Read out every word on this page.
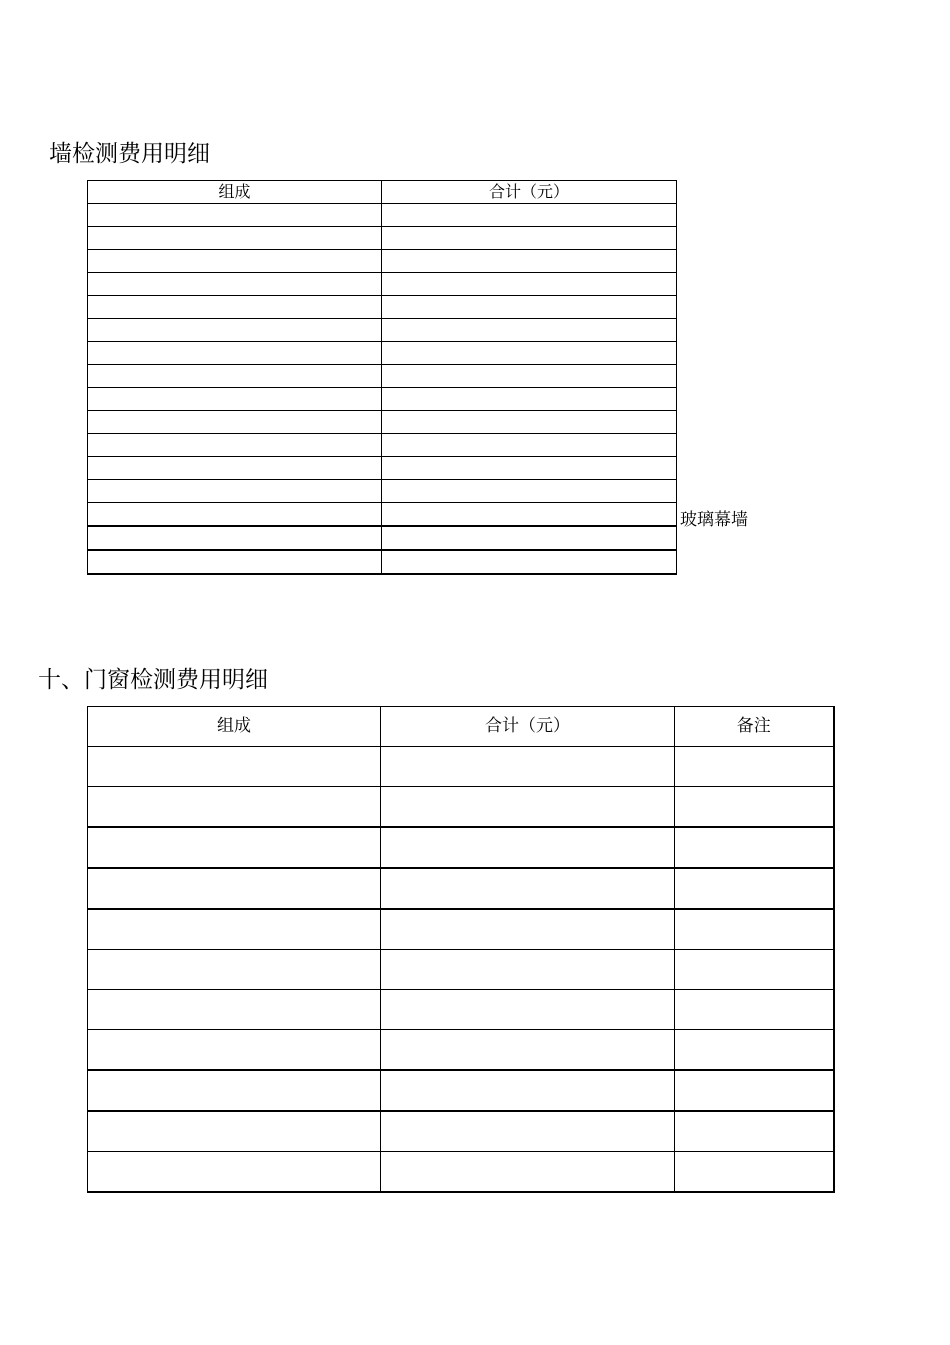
墙检测费用明细
组成	合计（元）

玻璃幕墙
十、门窗检测费用明细
组成	合计（元）	备注
